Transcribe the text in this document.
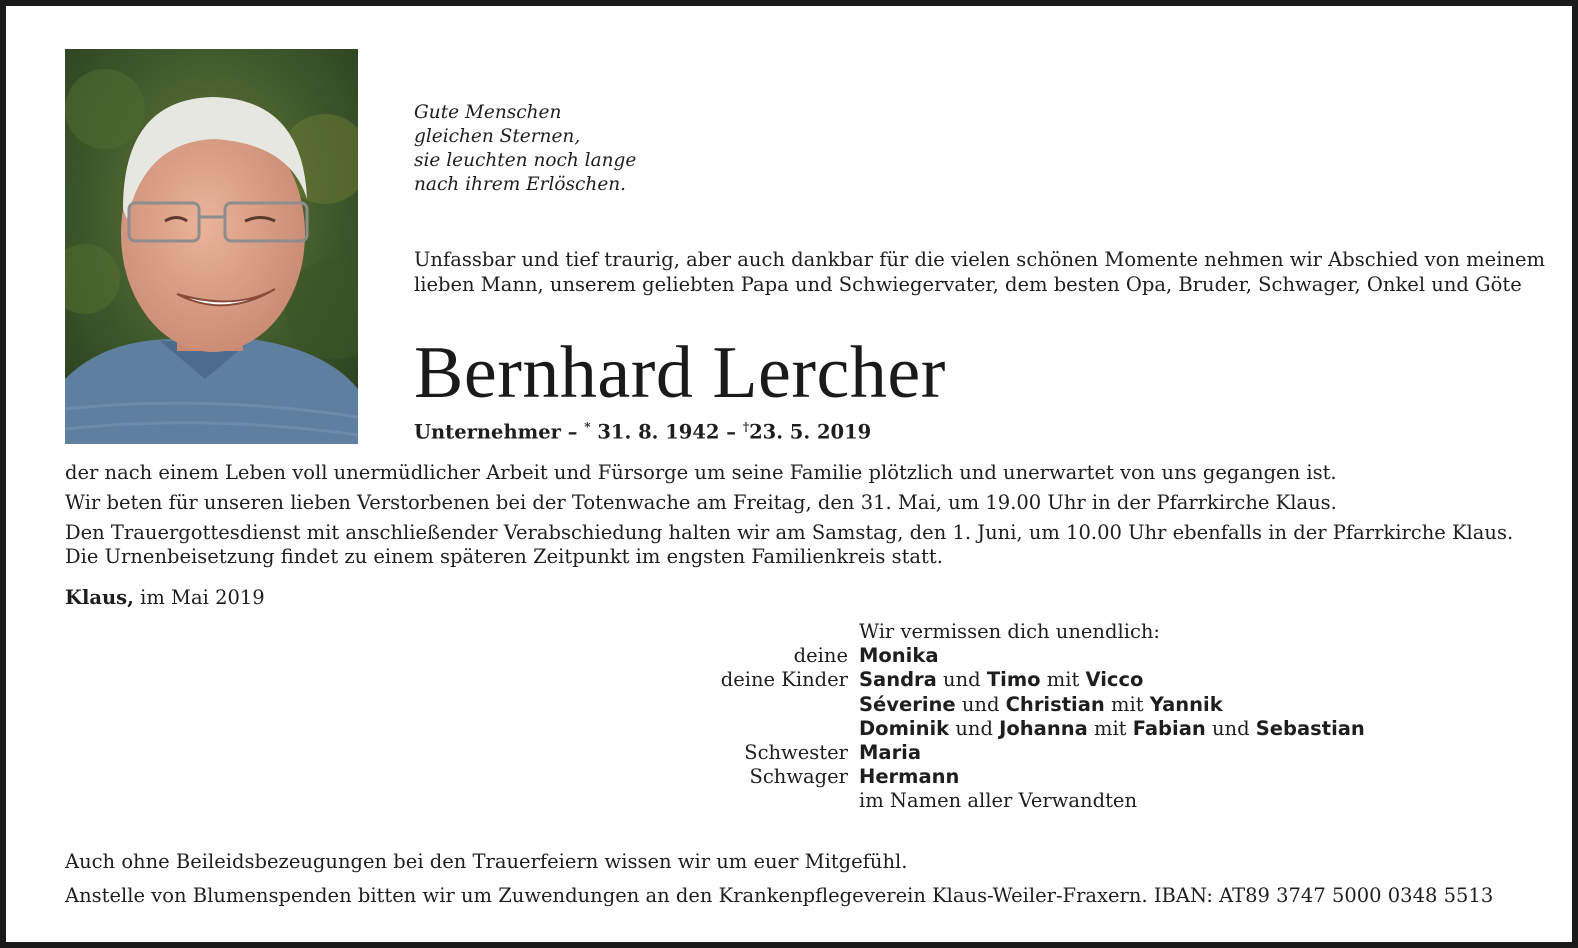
Gute Menschen
gleichen Sternen,
sie leuchten noch lange
nach ihrem Erlöschen.
Unfassbar und tief traurig, aber auch dankbar für die vielen schönen Momente nehmen wir Abschied von meinem
lieben Mann, unserem geliebten Papa und Schwiegervater, dem besten Opa, Bruder, Schwager, Onkel und Göte
Bernhard Lercher
Unternehmer – * 31. 8. 1942 – †23. 5. 2019

der nach einem Leben voll unermüdlicher Arbeit und Fürsorge um seine Familie plötzlich und unerwartet von uns gegangen ist.

Wir beten für unseren lieben Verstorbenen bei der Totenwache am Freitag, den 31. Mai, um 19.00 Uhr in der Pfarrkirche Klaus.

Den Trauergottesdienst mit anschließender Verabschiedung halten wir am Samstag, den 1. Juni, um 10.00 Uhr ebenfalls in der Pfarrkirche Klaus.

Die Urnenbeisetzung findet zu einem späteren Zeitpunkt im engsten Familienkreis statt.

Klaus, im Mai 2019
Wir vermissen dich unendlich:
deine Monika
deine Kinder Sandra und Timo mit Vicco
Séverine und Christian mit Yannik
Dominik und Johanna mit Fabian und Sebastian
Schwester Maria
Schwager Hermann
im Namen aller Verwandten

Auch ohne Beileidsbezeugungen bei den Trauerfeiern wissen wir um euer Mitgefühl.

Anstelle von Blumenspenden bitten wir um Zuwendungen an den Krankenpflegeverein Klaus-Weiler-Fraxern. IBAN: AT89 3747 5000 0348 5513
